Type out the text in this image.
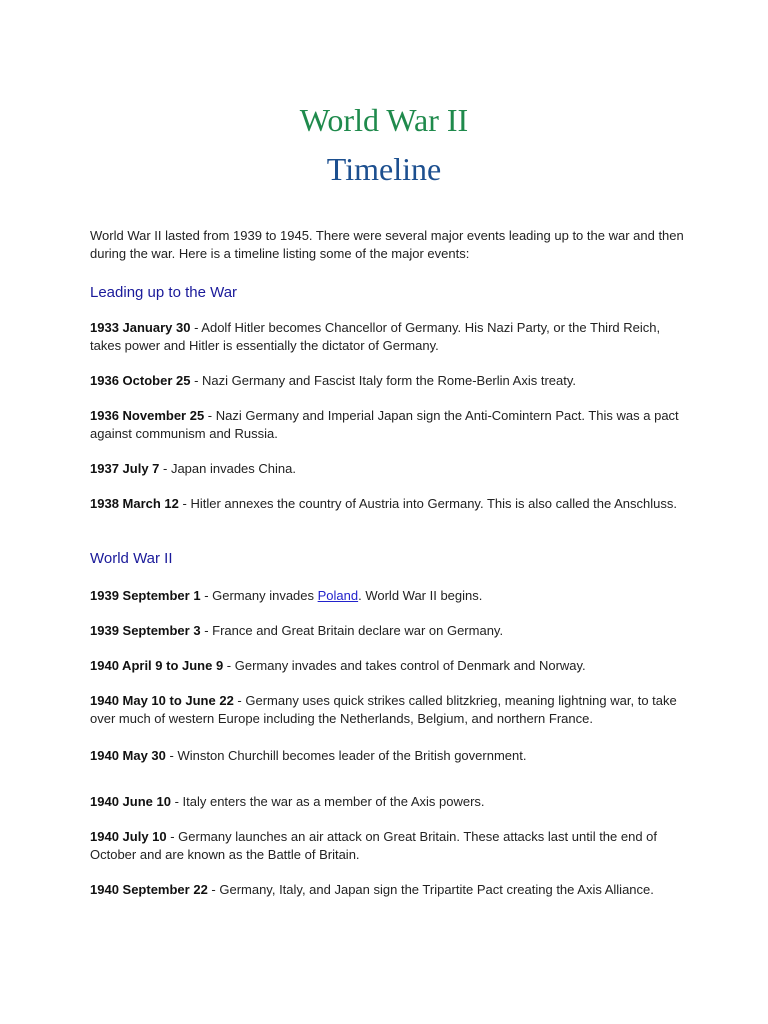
World War II
Timeline

World War II lasted from 1939 to 1945. There were several major events leading up to the war and then during the war. Here is a timeline listing some of the major events:

Leading up to the War

1933 January 30 - Adolf Hitler becomes Chancellor of Germany. His Nazi Party, or the Third Reich, takes power and Hitler is essentially the dictator of Germany.

1936 October 25 - Nazi Germany and Fascist Italy form the Rome-Berlin Axis treaty.

1936 November 25 - Nazi Germany and Imperial Japan sign the Anti-Comintern Pact. This was a pact against communism and Russia.

1937 July 7 - Japan invades China.

1938 March 12 - Hitler annexes the country of Austria into Germany. This is also called the Anschluss.

World War II

1939 September 1 - Germany invades Poland. World War II begins.

1939 September 3 - France and Great Britain declare war on Germany.

1940 April 9 to June 9 - Germany invades and takes control of Denmark and Norway.

1940 May 10 to June 22 - Germany uses quick strikes called blitzkrieg, meaning lightning war, to take over much of western Europe including the Netherlands, Belgium, and northern France.

1940 May 30 - Winston Churchill becomes leader of the British government.

1940 June 10 - Italy enters the war as a member of the Axis powers.

1940 July 10 - Germany launches an air attack on Great Britain. These attacks last until the end of October and are known as the Battle of Britain.

1940 September 22 - Germany, Italy, and Japan sign the Tripartite Pact creating the Axis Alliance.
